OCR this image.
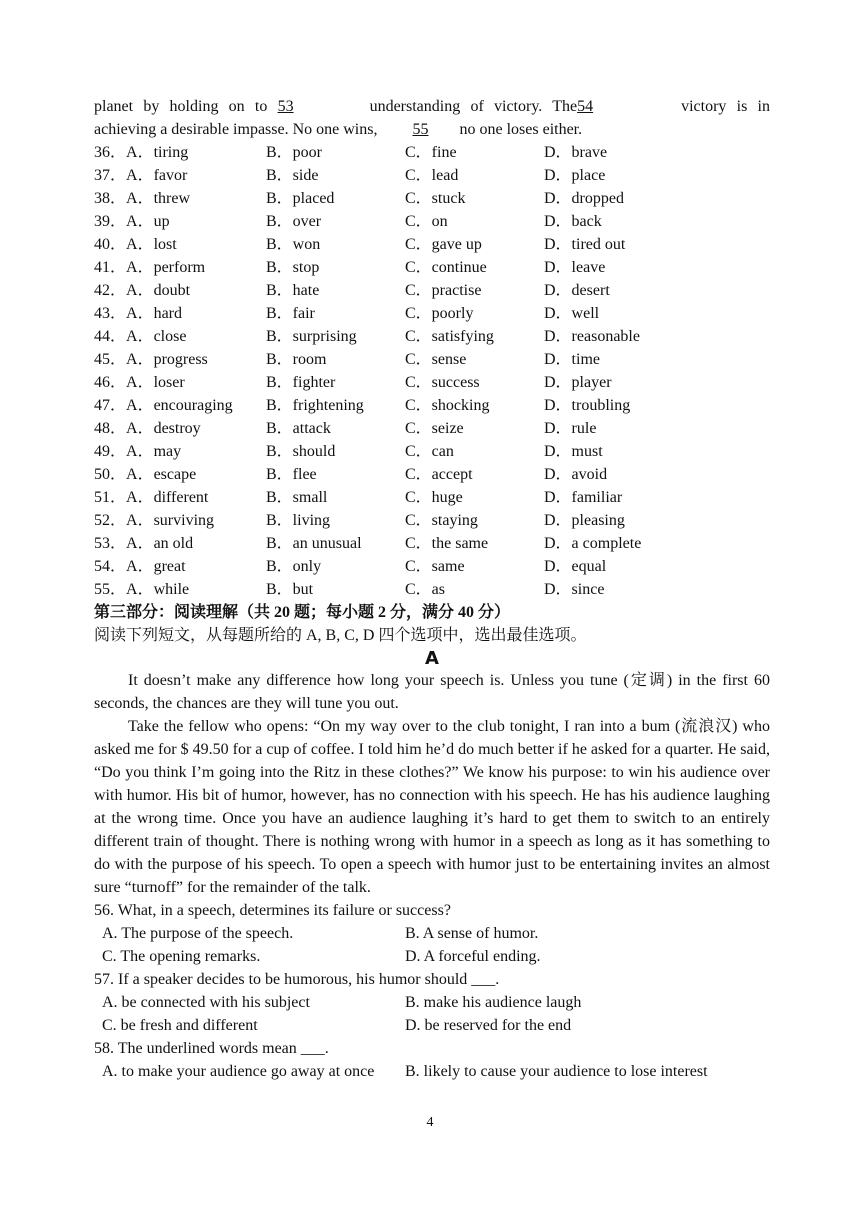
planet by holding on to 53	understanding of victory. The54	victory is in
achieving a desirable impasse. No one wins, 55 no one loses either.
36．A．tiring	B．poor	C．fine	D．brave
37．A．favor	B．side	C．lead	D．place
38．A．threw	B．placed	C．stuck	D．dropped
39．A．up	B．over	C．on	D．back
40．A．lost	B．won	C．gave up	D．tired out
41．A．perform	B．stop	C．continue	D．leave
42．A．doubt	B．hate	C．practise	D．desert
43．A．hard	B．fair	C．poorly	D．well
44．A．close	B．surprising	C．satisfying	D．reasonable
45．A．progress	B．room	C．sense	D．time
46．A．loser	B．fighter	C．success	D．player
47．A．encouraging	B．frightening	C．shocking	D．troubling
48．A．destroy	B．attack	C．seize	D．rule
49．A．may	B．should	C．can	D．must
50．A．escape	B．flee	C．accept	D．avoid
51．A．different	B．small	C．huge	D．familiar
52．A．surviving	B．living	C．staying	D．pleasing
53．A．an old	B．an unusual	C．the same	D．a complete
54．A．great	B．only	C．same	D．equal
55．A．while	B．but	C．as	D．since
第三部分：阅读理解（共 20 题；每小题 2 分，满分 40 分）
阅读下列短文，从每题所给的 A, B, C, D 四个选项中，选出最佳选项。
A

It doesn’t make any difference how long your speech is. Unless you tune (定调) in the first 60 seconds, the chances are they will tune you out.

Take the fellow who opens: “On my way over to the club tonight, I ran into a bum (流浪汉) who asked me for $ 49.50 for a cup of coffee. I told him he’d do much better if he asked for a quarter. He said, “Do you think I’m going into the Ritz in these clothes?” We know his purpose: to win his audience over with humor. His bit of humor, however, has no connection with his speech. He has his audience laughing at the wrong time. Once you have an audience laughing it’s hard to get them to switch to an entirely different train of thought. There is nothing wrong with humor in a speech as long as it has something to do with the purpose of his speech. To open a speech with humor just to be entertaining invites an almost sure “turnoff” for the remainder of the talk.

56. What, in a speech, determines its failure or success?
A. The purpose of the speech.	B. A sense of humor.
C. The opening remarks.	D. A forceful ending.
57. If a speaker decides to be humorous, his humor should ___.
A. be connected with his subject	B. make his audience laugh
C. be fresh and different	D. be reserved for the end
58. The underlined words mean ___.
A. to make your audience go away at once	B. likely to cause your audience to lose interest
4
